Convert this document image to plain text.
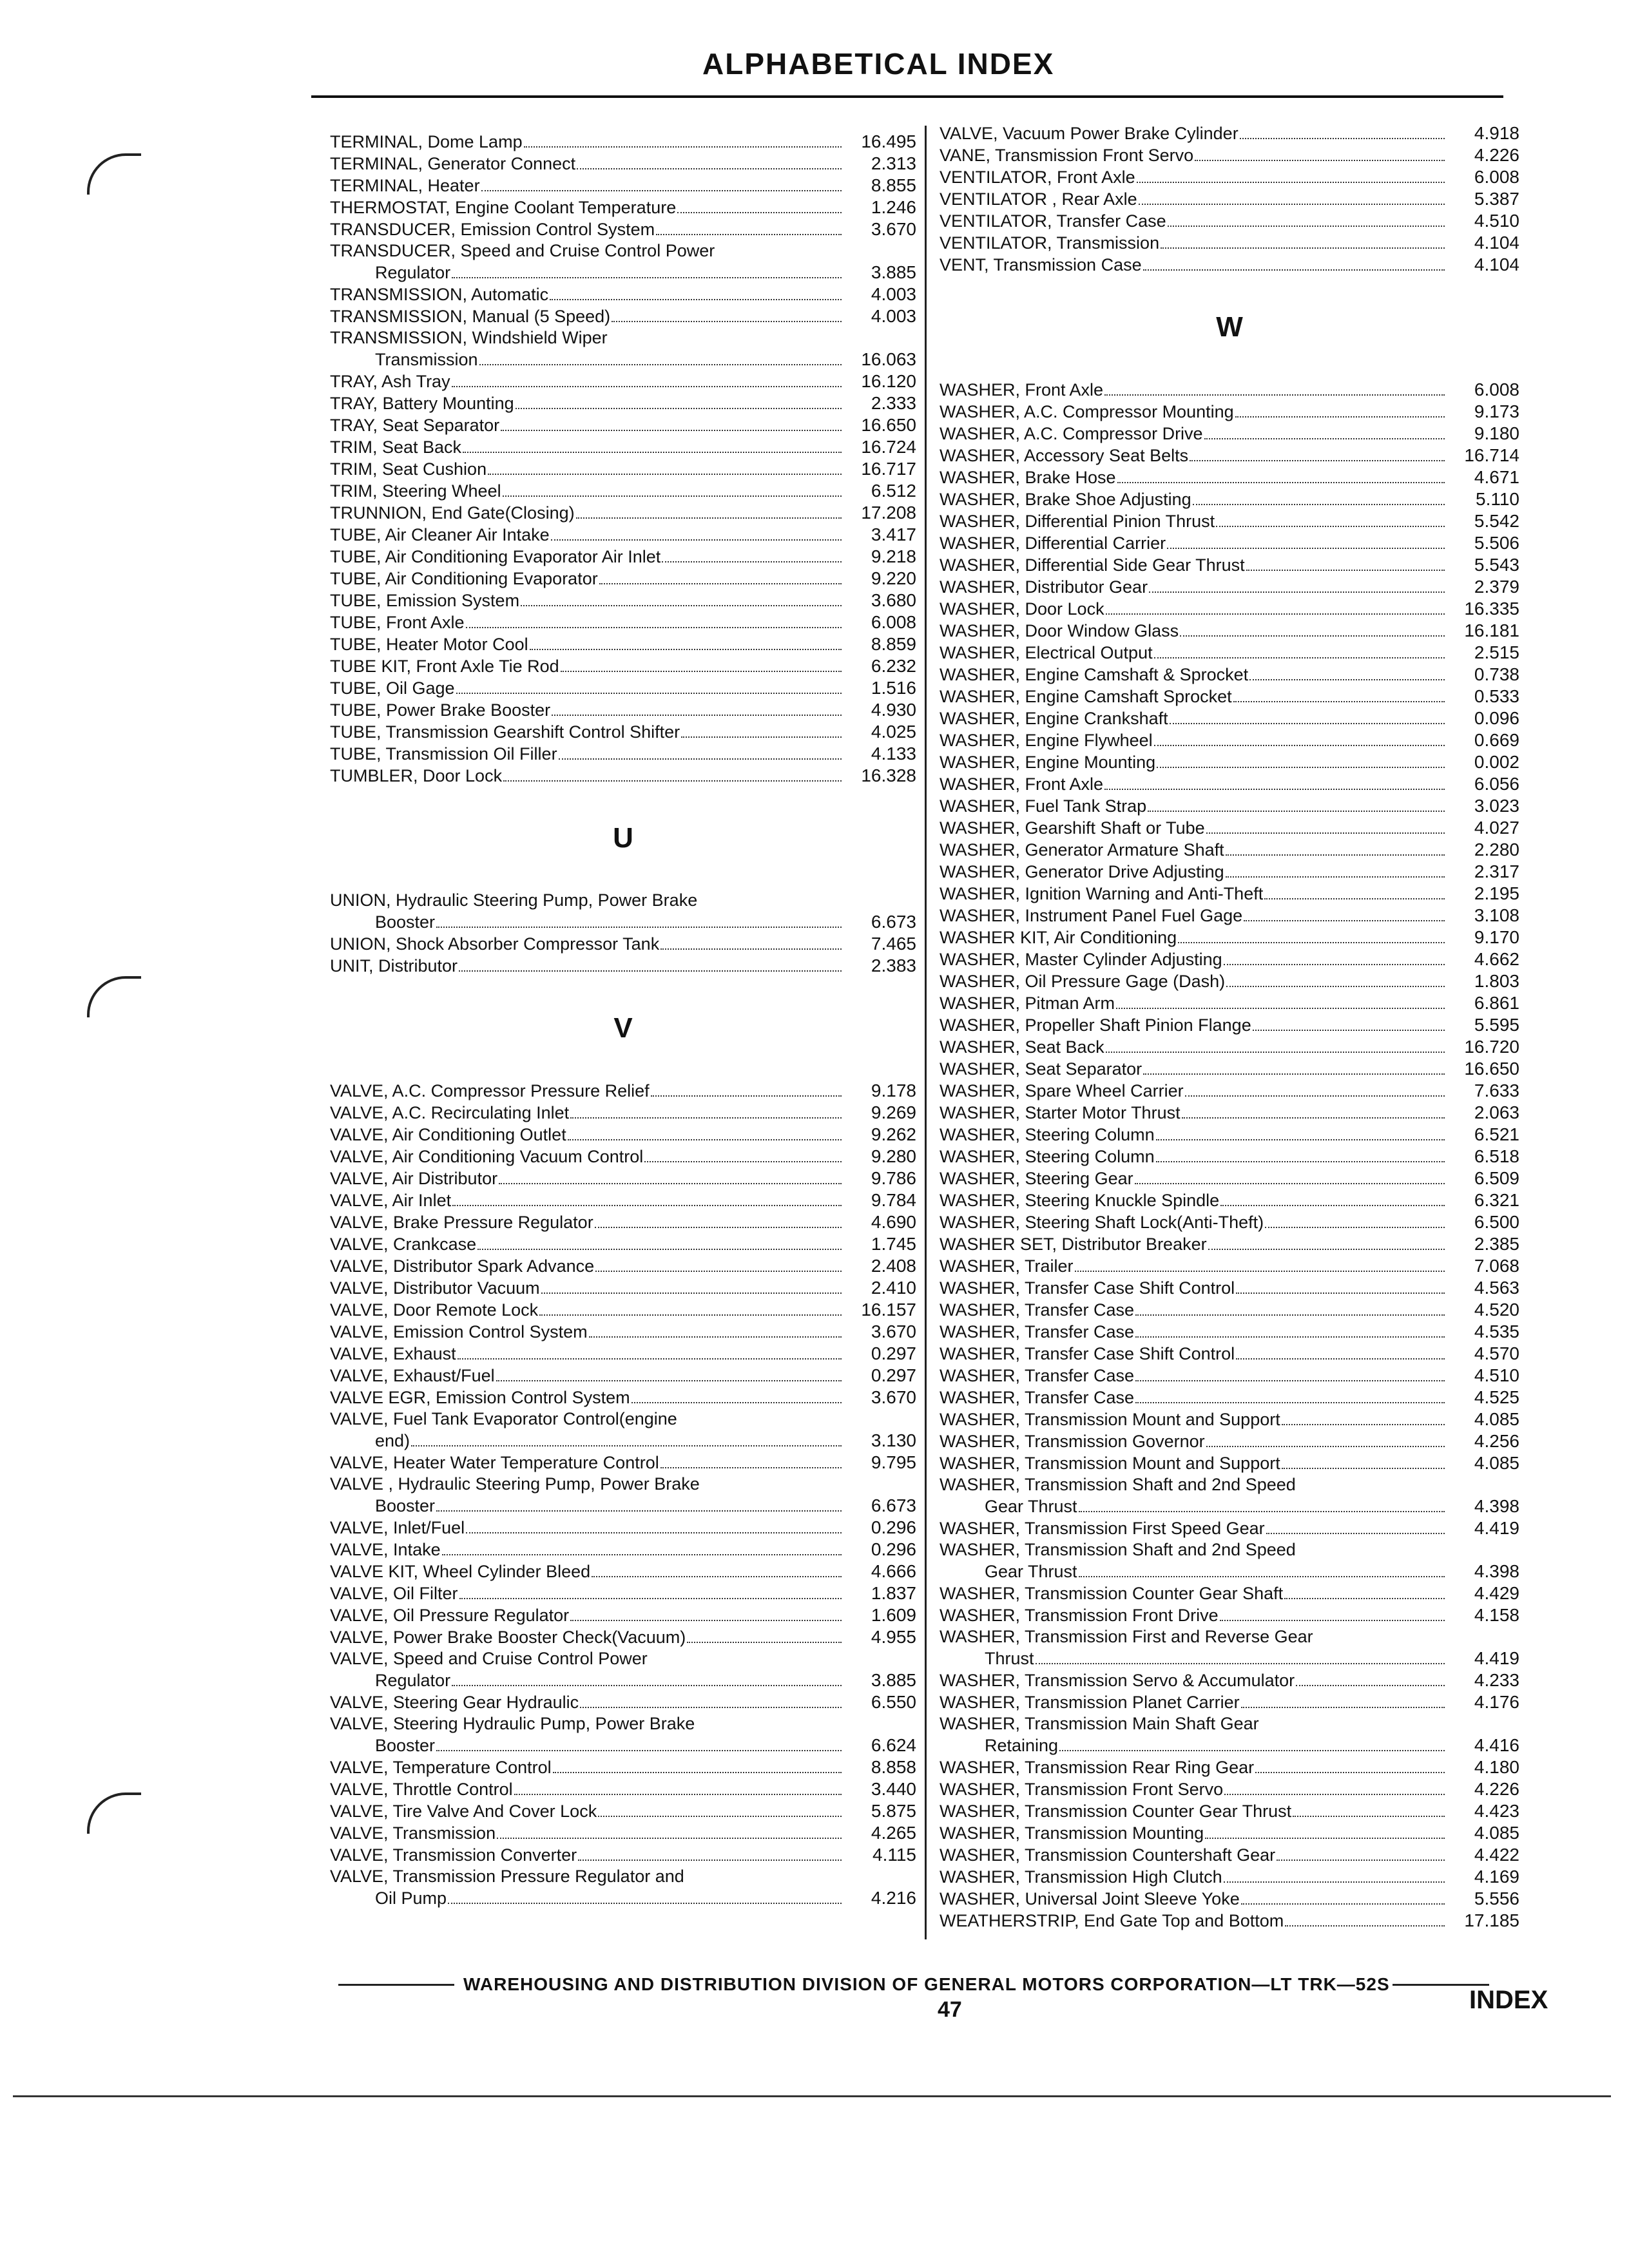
ALPHABETICAL INDEX
TERMINAL, Dome Lamp	16.495
TERMINAL, Generator Connect	2.313
TERMINAL, Heater	8.855
THERMOSTAT, Engine Coolant Temperature	1.246
TRANSDUCER, Emission Control System	3.670
TRANSDUCER, Speed and Cruise Control Power
Regulator	3.885
TRANSMISSION, Automatic	4.003
TRANSMISSION, Manual (5 Speed)	4.003
TRANSMISSION, Windshield Wiper
Transmission	16.063
TRAY, Ash Tray	16.120
TRAY, Battery Mounting	2.333
TRAY, Seat Separator	16.650
TRIM, Seat Back	16.724
TRIM, Seat Cushion	16.717
TRIM, Steering Wheel	6.512
TRUNNION, End Gate(Closing)	17.208
TUBE, Air Cleaner Air Intake	3.417
TUBE, Air Conditioning Evaporator Air Inlet	9.218
TUBE, Air Conditioning Evaporator	9.220
TUBE, Emission System	3.680
TUBE, Front Axle	6.008
TUBE, Heater Motor Cool	8.859
TUBE KIT, Front Axle Tie Rod	6.232
TUBE, Oil Gage	1.516
TUBE, Power Brake Booster	4.930
TUBE, Transmission Gearshift Control Shifter	4.025
TUBE, Transmission Oil Filler	4.133
TUMBLER, Door Lock	16.328
U
UNION, Hydraulic Steering Pump, Power Brake
Booster	6.673
UNION, Shock Absorber Compressor Tank	7.465
UNIT, Distributor	2.383
V
VALVE, A.C. Compressor Pressure Relief	9.178
VALVE, A.C. Recirculating Inlet	9.269
VALVE, Air Conditioning Outlet	9.262
VALVE, Air Conditioning Vacuum Control	9.280
VALVE, Air Distributor	9.786
VALVE, Air Inlet	9.784
VALVE, Brake Pressure Regulator	4.690
VALVE, Crankcase	1.745
VALVE, Distributor Spark Advance	2.408
VALVE, Distributor Vacuum	2.410
VALVE, Door Remote Lock	16.157
VALVE, Emission Control System	3.670
VALVE, Exhaust	0.297
VALVE, Exhaust/Fuel	0.297
VALVE EGR, Emission Control System	3.670
VALVE, Fuel Tank Evaporator Control(engine
end)	3.130
VALVE, Heater Water Temperature Control	9.795
VALVE , Hydraulic Steering Pump, Power Brake
Booster	6.673
VALVE, Inlet/Fuel	0.296
VALVE, Intake	0.296
VALVE KIT, Wheel Cylinder Bleed	4.666
VALVE, Oil Filter	1.837
VALVE, Oil Pressure Regulator	1.609
VALVE, Power Brake Booster Check(Vacuum)	4.955
VALVE, Speed and Cruise Control Power
Regulator	3.885
VALVE, Steering Gear Hydraulic	6.550
VALVE, Steering Hydraulic Pump, Power Brake
Booster	6.624
VALVE, Temperature Control	8.858
VALVE, Throttle Control	3.440
VALVE, Tire Valve And Cover Lock	5.875
VALVE, Transmission	4.265
VALVE, Transmission Converter	4.115
VALVE, Transmission Pressure Regulator and
Oil Pump	4.216
VALVE, Vacuum Power Brake Cylinder	4.918
VANE, Transmission Front Servo	4.226
VENTILATOR, Front Axle	6.008
VENTILATOR , Rear Axle	5.387
VENTILATOR, Transfer Case	4.510
VENTILATOR, Transmission	4.104
VENT, Transmission Case	4.104
W
WASHER, Front Axle	6.008
WASHER, A.C. Compressor Mounting	9.173
WASHER, A.C. Compressor Drive	9.180
WASHER, Accessory Seat Belts	16.714
WASHER, Brake Hose	4.671
WASHER, Brake Shoe Adjusting	5.110
WASHER, Differential Pinion Thrust	5.542
WASHER, Differential Carrier	5.506
WASHER, Differential Side Gear Thrust	5.543
WASHER, Distributor Gear	2.379
WASHER, Door Lock	16.335
WASHER, Door Window Glass	16.181
WASHER, Electrical Output	2.515
WASHER, Engine Camshaft & Sprocket	0.738
WASHER, Engine Camshaft Sprocket	0.533
WASHER, Engine Crankshaft	0.096
WASHER, Engine Flywheel	0.669
WASHER, Engine Mounting	0.002
WASHER, Front Axle	6.056
WASHER, Fuel Tank Strap	3.023
WASHER, Gearshift Shaft or Tube	4.027
WASHER, Generator Armature Shaft	2.280
WASHER, Generator Drive Adjusting	2.317
WASHER, Ignition Warning and Anti-Theft	2.195
WASHER, Instrument Panel Fuel Gage	3.108
WASHER KIT, Air Conditioning	9.170
WASHER, Master Cylinder Adjusting	4.662
WASHER, Oil Pressure Gage (Dash)	1.803
WASHER, Pitman Arm	6.861
WASHER, Propeller Shaft Pinion Flange	5.595
WASHER, Seat Back	16.720
WASHER, Seat Separator	16.650
WASHER, Spare Wheel Carrier	7.633
WASHER, Starter Motor Thrust	2.063
WASHER, Steering Column	6.521
WASHER, Steering Column	6.518
WASHER, Steering Gear	6.509
WASHER, Steering Knuckle Spindle	6.321
WASHER, Steering Shaft Lock(Anti-Theft)	6.500
WASHER SET, Distributor Breaker	2.385
WASHER, Trailer	7.068
WASHER, Transfer Case Shift Control	4.563
WASHER, Transfer Case	4.520
WASHER, Transfer Case	4.535
WASHER, Transfer Case Shift Control	4.570
WASHER, Transfer Case	4.510
WASHER, Transfer Case	4.525
WASHER, Transmission Mount and Support	4.085
WASHER, Transmission Governor	4.256
WASHER, Transmission Mount and Support	4.085
WASHER, Transmission Shaft and 2nd Speed
Gear Thrust	4.398
WASHER, Transmission First Speed Gear	4.419
WASHER, Transmission Shaft and 2nd Speed
Gear Thrust	4.398
WASHER, Transmission Counter Gear Shaft	4.429
WASHER, Transmission Front Drive	4.158
WASHER, Transmission First and Reverse Gear
Thrust	4.419
WASHER, Transmission Servo & Accumulator	4.233
WASHER, Transmission Planet Carrier	4.176
WASHER, Transmission Main Shaft Gear
Retaining	4.416
WASHER, Transmission Rear Ring Gear	4.180
WASHER, Transmission Front Servo	4.226
WASHER, Transmission Counter Gear Thrust	4.423
WASHER, Transmission Mounting	4.085
WASHER, Transmission Countershaft Gear	4.422
WASHER, Transmission High Clutch	4.169
WASHER, Universal Joint Sleeve Yoke	5.556
WEATHERSTRIP, End Gate Top and Bottom	17.185
WAREHOUSING AND DISTRIBUTION DIVISION OF GENERAL MOTORS CORPORATION—LT TRK—52S
47	INDEX
